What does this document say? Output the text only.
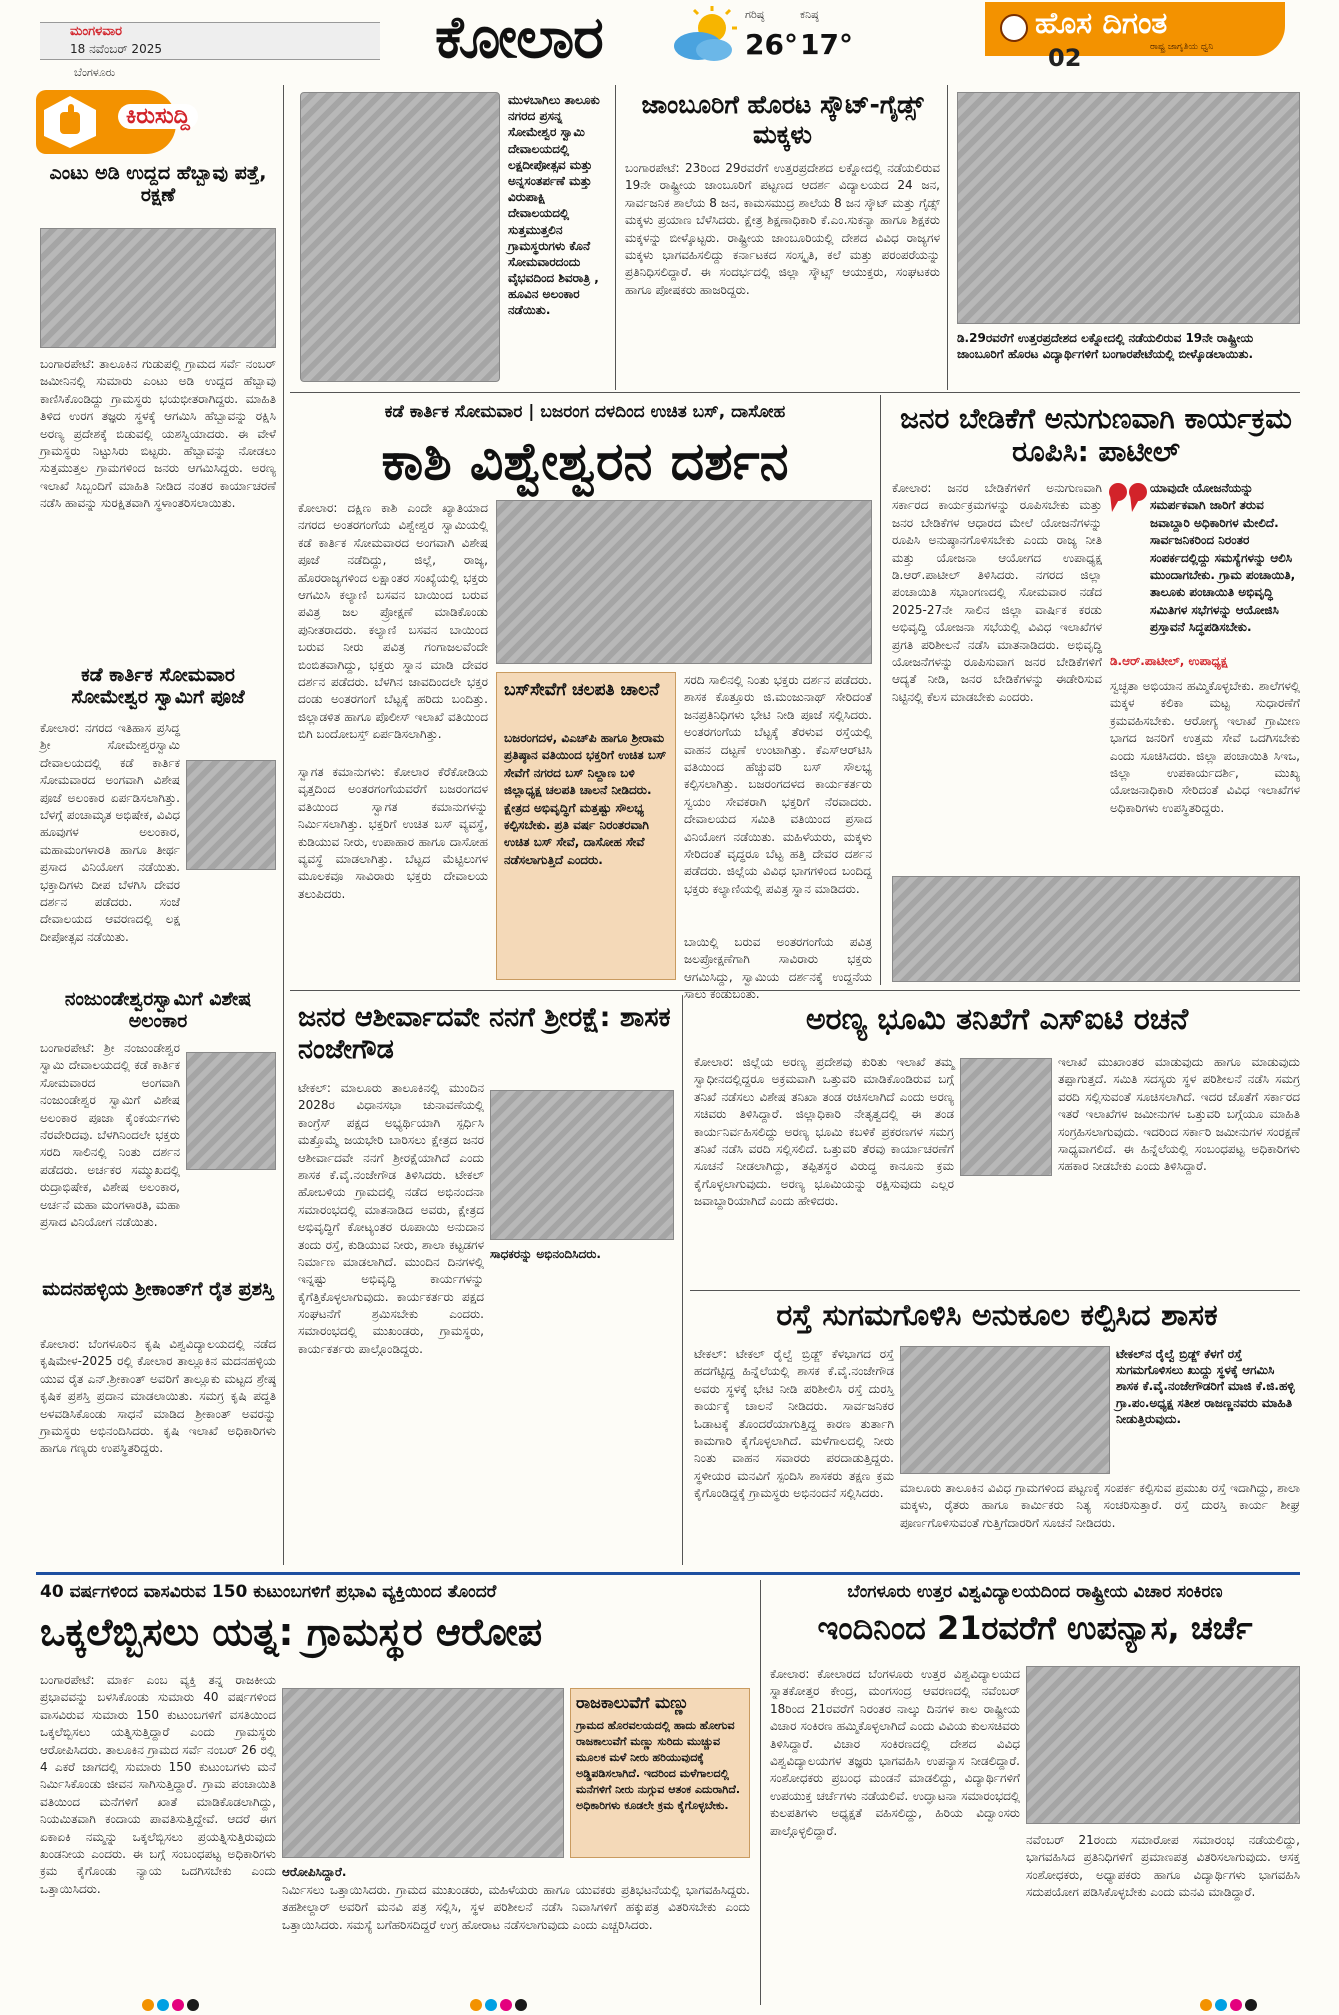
ಮಂಗಳವಾರ
18 ನವೆಂಬರ್ 2025
ಬೆಂಗಳೂರು
ಕೋಲಾರ	ಗರಿಷ್ಠ
26°
ಕನಿಷ್ಠ
17°
ಹೊಸ ದಿಗಂತ
ರಾಷ್ಟ್ರ ಜಾಗೃತಿಯ ಧ್ವನಿ
02
ಕಿರುಸುದ್ದಿ
ಎಂಟು ಅಡಿ ಉದ್ದದ ಹೆಬ್ಬಾವು ಪತ್ತೆ, ರಕ್ಷಣೆ
ಬಂಗಾರಪೇಟೆ: ತಾಲೂಕಿನ ಗುಡುಪಲ್ಲಿ ಗ್ರಾಮದ ಸರ್ವೆ ನಂಬರ್ ಜಮೀನಿನಲ್ಲಿ ಸುಮಾರು ಎಂಟು ಅಡಿ ಉದ್ದದ ಹೆಬ್ಬಾವು ಕಾಣಿಸಿಕೊಂಡಿದ್ದು ಗ್ರಾಮಸ್ಥರು ಭಯಭೀತರಾಗಿದ್ದರು. ಮಾಹಿತಿ ತಿಳಿದ ಉರಗ ತಜ್ಞರು ಸ್ಥಳಕ್ಕೆ ಆಗಮಿಸಿ ಹೆಬ್ಬಾವನ್ನು ರಕ್ಷಿಸಿ ಅರಣ್ಯ ಪ್ರದೇಶಕ್ಕೆ ಬಿಡುವಲ್ಲಿ ಯಶಸ್ವಿಯಾದರು. ಈ ವೇಳೆ ಗ್ರಾಮಸ್ಥರು ನಿಟ್ಟುಸಿರು ಬಿಟ್ಟರು. ಹೆಬ್ಬಾವನ್ನು ನೋಡಲು ಸುತ್ತಮುತ್ತಲ ಗ್ರಾಮಗಳಿಂದ ಜನರು ಆಗಮಿಸಿದ್ದರು. ಅರಣ್ಯ ಇಲಾಖೆ ಸಿಬ್ಬಂದಿಗೆ ಮಾಹಿತಿ ನೀಡಿದ ನಂತರ ಕಾರ್ಯಾಚರಣೆ ನಡೆಸಿ ಹಾವನ್ನು ಸುರಕ್ಷಿತವಾಗಿ ಸ್ಥಳಾಂತರಿಸಲಾಯಿತು.
ಕಡೆ ಕಾರ್ತಿಕ ಸೋಮವಾರ ಸೋಮೇಶ್ವರ ಸ್ವಾಮಿಗೆ ಪೂಜೆ
ಕೋಲಾರ: ನಗರದ ಇತಿಹಾಸ ಪ್ರಸಿದ್ಧ ಶ್ರೀ ಸೋಮೇಶ್ವರಸ್ವಾಮಿ ದೇವಾಲಯದಲ್ಲಿ ಕಡೆ ಕಾರ್ತಿಕ ಸೋಮವಾರದ ಅಂಗವಾಗಿ ವಿಶೇಷ ಪೂಜೆ ಅಲಂಕಾರ ಏರ್ಪಡಿಸಲಾಗಿತ್ತು. ಬೆಳಗ್ಗೆ ಪಂಚಾಮೃತ ಅಭಿಷೇಕ, ವಿವಿಧ ಹೂವುಗಳ ಅಲಂಕಾರ, ಮಹಾಮಂಗಳಾರತಿ ಹಾಗೂ ತೀರ್ಥ ಪ್ರಸಾದ ವಿನಿಯೋಗ ನಡೆಯಿತು. ಭಕ್ತಾದಿಗಳು ದೀಪ ಬೆಳಗಿಸಿ ದೇವರ ದರ್ಶನ ಪಡೆದರು. ಸಂಜೆ ದೇವಾಲಯದ ಆವರಣದಲ್ಲಿ ಲಕ್ಷ ದೀಪೋತ್ಸವ ನಡೆಯಿತು.
ನಂಜುಂಡೇಶ್ವರಸ್ವಾಮಿಗೆ ವಿಶೇಷ ಅಲಂಕಾರ
ಬಂಗಾರಪೇಟೆ: ಶ್ರೀ ನಂಜುಂಡೇಶ್ವರ ಸ್ವಾಮಿ ದೇವಾಲಯದಲ್ಲಿ ಕಡೆ ಕಾರ್ತಿಕ ಸೋಮವಾರದ ಅಂಗವಾಗಿ ನಂಜುಂಡೇಶ್ವರ ಸ್ವಾಮಿಗೆ ವಿಶೇಷ ಅಲಂಕಾರ ಪೂಜಾ ಕೈಂಕರ್ಯಗಳು ನೆರವೇರಿದವು. ಬೆಳಗಿನಿಂದಲೇ ಭಕ್ತರು ಸರದಿ ಸಾಲಿನಲ್ಲಿ ನಿಂತು ದರ್ಶನ ಪಡೆದರು. ಅರ್ಚಕರ ಸಮ್ಮುಖದಲ್ಲಿ ರುದ್ರಾಭಿಷೇಕ, ವಿಶೇಷ ಅಲಂಕಾರ, ಅರ್ಚನೆ ಮಹಾ ಮಂಗಳಾರತಿ, ಮಹಾ ಪ್ರಸಾದ ವಿನಿಯೋಗ ನಡೆಯಿತು.
ಮದನಹಳ್ಳಿಯ ಶ್ರೀಕಾಂತ್‌ಗೆ ರೈತ ಪ್ರಶಸ್ತಿ
ಕೋಲಾರ: ಬೆಂಗಳೂರಿನ ಕೃಷಿ ವಿಶ್ವವಿದ್ಯಾಲಯದಲ್ಲಿ ನಡೆದ ಕೃಷಿಮೇಳ-2025 ರಲ್ಲಿ ಕೋಲಾರ ತಾಲ್ಲೂಕಿನ ಮದನಹಳ್ಳಿಯ ಯುವ ರೈತ ಎನ್.ಶ್ರೀಕಾಂತ್ ಅವರಿಗೆ ತಾಲ್ಲೂಕು ಮಟ್ಟದ ಶ್ರೇಷ್ಠ ಕೃಷಿಕ ಪ್ರಶಸ್ತಿ ಪ್ರದಾನ ಮಾಡಲಾಯಿತು. ಸಮಗ್ರ ಕೃಷಿ ಪದ್ಧತಿ ಅಳವಡಿಸಿಕೊಂಡು ಸಾಧನೆ ಮಾಡಿದ ಶ್ರೀಕಾಂತ್ ಅವರನ್ನು ಗ್ರಾಮಸ್ಥರು ಅಭಿನಂದಿಸಿದರು. ಕೃಷಿ ಇಲಾಖೆ ಅಧಿಕಾರಿಗಳು ಹಾಗೂ ಗಣ್ಯರು ಉಪಸ್ಥಿತರಿದ್ದರು.
ಮುಳಬಾಗಿಲು ತಾಲೂಕು ನಗರದ ಪ್ರಸನ್ನ ಸೋಮೇಶ್ವರ ಸ್ವಾಮಿ ದೇವಾಲಯದಲ್ಲಿ ಲಕ್ಷದೀಪೋತ್ಸವ ಮತ್ತು ಅನ್ನಸಂತರ್ಪಣೆ ಮತ್ತು ವಿರುಪಾಕ್ಷಿ ದೇವಾಲಯದಲ್ಲಿ ಸುತ್ತಮುತ್ತಲಿನ ಗ್ರಾಮಸ್ಥರುಗಳು ಕೊನೆ ಸೋಮವಾರದಂದು ವೈಭವದಿಂದ ಶಿವರಾತ್ರಿ , ಹೂವಿನ ಅಲಂಕಾರ ನಡೆಯಿತು.
ಜಾಂಬೂರಿಗೆ ಹೊರಟ ಸ್ಕೌಟ್-ಗೈಡ್ಸ್ ಮಕ್ಕಳು
ಬಂಗಾರಪೇಟೆ: 23ರಿಂದ 29ರವರೆಗೆ ಉತ್ತರಪ್ರದೇಶದ ಲಕ್ನೋದಲ್ಲಿ ನಡೆಯಲಿರುವ 19ನೇ ರಾಷ್ಟ್ರೀಯ ಜಾಂಬೂರಿಗೆ ಪಟ್ಟಣದ ಆದರ್ಶ ವಿದ್ಯಾಲಯದ 24 ಜನ, ಸಾರ್ವಜನಿಕ ಶಾಲೆಯ 8 ಜನ, ಕಾಮಸಮುದ್ರ ಶಾಲೆಯ 8 ಜನ ಸ್ಕೌಟ್ ಮತ್ತು ಗೈಡ್ಸ್ ಮಕ್ಕಳು ಪ್ರಯಾಣ ಬೆಳೆಸಿದರು. ಕ್ಷೇತ್ರ ಶಿಕ್ಷಣಾಧಿಕಾರಿ ಕೆ.ಎಂ.ಸುಕನ್ಯಾ ಹಾಗೂ ಶಿಕ್ಷಕರು ಮಕ್ಕಳನ್ನು ಬೀಳ್ಕೊಟ್ಟರು. ರಾಷ್ಟ್ರೀಯ ಜಾಂಬೂರಿಯಲ್ಲಿ ದೇಶದ ವಿವಿಧ ರಾಜ್ಯಗಳ ಮಕ್ಕಳು ಭಾಗವಹಿಸಲಿದ್ದು ಕರ್ನಾಟಕದ ಸಂಸ್ಕೃತಿ, ಕಲೆ ಮತ್ತು ಪರಂಪರೆಯನ್ನು ಪ್ರತಿನಿಧಿಸಲಿದ್ದಾರೆ. ಈ ಸಂದರ್ಭದಲ್ಲಿ ಜಿಲ್ಲಾ ಸ್ಕೌಟ್ಸ್ ಆಯುಕ್ತರು, ಸಂಘಟಕರು ಹಾಗೂ ಪೋಷಕರು ಹಾಜರಿದ್ದರು.
ಡಿ.29ರವರೆಗೆ ಉತ್ತರಪ್ರದೇಶದ ಲಕ್ನೋದಲ್ಲಿ ನಡೆಯಲಿರುವ 19ನೇ ರಾಷ್ಟ್ರೀಯ ಜಾಂಬೂರಿಗೆ ಹೊರಟ ವಿದ್ಯಾರ್ಥಿಗಳಿಗೆ ಬಂಗಾರಪೇಟೆಯಲ್ಲಿ ಬೀಳ್ಕೊಡಲಾಯಿತು.
ಕಡೆ ಕಾರ್ತಿಕ ಸೋಮವಾರ | ಬಜರಂಗ ದಳದಿಂದ ಉಚಿತ ಬಸ್, ದಾಸೋಹ
ಕಾಶಿ ವಿಶ್ವೇಶ್ವರನ ದರ್ಶನ
ಕೋಲಾರ: ದಕ್ಷಿಣ ಕಾಶಿ ಎಂದೇ ಖ್ಯಾತಿಯಾದ ನಗರದ ಅಂತರಗಂಗೆಯ ವಿಶ್ವೇಶ್ವರ ಸ್ವಾಮಿಯಲ್ಲಿ ಕಡೆ ಕಾರ್ತಿಕ ಸೋಮವಾರದ ಅಂಗವಾಗಿ ವಿಶೇಷ ಪೂಜೆ ನಡೆದಿದ್ದು, ಜಿಲ್ಲೆ, ರಾಜ್ಯ, ಹೊರರಾಜ್ಯಗಳಿಂದ ಲಕ್ಷಾಂತರ ಸಂಖ್ಯೆಯಲ್ಲಿ ಭಕ್ತರು ಆಗಮಿಸಿ ಕಲ್ಯಾಣಿ ಬಸವನ ಬಾಯಿಂದ ಬರುವ ಪವಿತ್ರ ಜಲ ಪ್ರೋಕ್ಷಣೆ ಮಾಡಿಕೊಂಡು ಪುನೀತರಾದರು. ಕಲ್ಯಾಣಿ ಬಸವನ ಬಾಯಿಂದ ಬರುವ ನೀರು ಪವಿತ್ರ ಗಂಗಾಜಲವೆಂದೇ ಬಿಂಬಿತವಾಗಿದ್ದು, ಭಕ್ತರು ಸ್ನಾನ ಮಾಡಿ ದೇವರ ದರ್ಶನ ಪಡೆದರು. ಬೆಳಗಿನ ಜಾವದಿಂದಲೇ ಭಕ್ತರ ದಂಡು ಅಂತರಗಂಗೆ ಬೆಟ್ಟಕ್ಕೆ ಹರಿದು ಬಂದಿತ್ತು. ಜಿಲ್ಲಾಡಳಿತ ಹಾಗೂ ಪೊಲೀಸ್ ಇಲಾಖೆ ವತಿಯಿಂದ ಬಿಗಿ ಬಂದೋಬಸ್ತ್ ಏರ್ಪಡಿಸಲಾಗಿತ್ತು.
ಸ್ವಾಗತ ಕಮಾನುಗಳು: ಕೋಲಾರ ಕೆರೆಕೋಡಿಯ ವೃತ್ತದಿಂದ ಅಂತರಗಂಗೆಯವರೆಗೆ ಬಜರಂಗದಳ ವತಿಯಿಂದ ಸ್ವಾಗತ ಕಮಾನುಗಳನ್ನು ನಿರ್ಮಿಸಲಾಗಿತ್ತು. ಭಕ್ತರಿಗೆ ಉಚಿತ ಬಸ್ ವ್ಯವಸ್ಥೆ, ಕುಡಿಯುವ ನೀರು, ಉಪಾಹಾರ ಹಾಗೂ ದಾಸೋಹ ವ್ಯವಸ್ಥೆ ಮಾಡಲಾಗಿತ್ತು. ಬೆಟ್ಟದ ಮೆಟ್ಟಿಲುಗಳ ಮೂಲಕವೂ ಸಾವಿರಾರು ಭಕ್ತರು ದೇವಾಲಯ ತಲುಪಿದರು.
ಬಸ್‌ಸೇವೆಗೆ ಚಲಪತಿ ಚಾಲನೆ
ಬಜರಂಗದಳ, ವಿಎಚ್‌ಪಿ ಹಾಗೂ ಶ್ರೀರಾಮ ಪ್ರತಿಷ್ಠಾನ ವತಿಯಿಂದ ಭಕ್ತರಿಗೆ ಉಚಿತ ಬಸ್ ಸೇವೆಗೆ ನಗರದ ಬಸ್ ನಿಲ್ದಾಣ ಬಳಿ ಜಿಲ್ಲಾಧ್ಯಕ್ಷ ಚಲಪತಿ ಚಾಲನೆ ನೀಡಿದರು. ಕ್ಷೇತ್ರದ ಅಭಿವೃದ್ಧಿಗೆ ಮತ್ತಷ್ಟು ಸೌಲಭ್ಯ ಕಲ್ಪಿಸಬೇಕು. ಪ್ರತಿ ವರ್ಷ ನಿರಂತರವಾಗಿ ಉಚಿತ ಬಸ್ ಸೇವೆ, ದಾಸೋಹ ಸೇವೆ ನಡೆಸಲಾಗುತ್ತಿದೆ ಎಂದರು.
ಸರದಿ ಸಾಲಿನಲ್ಲಿ ನಿಂತು ಭಕ್ತರು ದರ್ಶನ ಪಡೆದರು. ಶಾಸಕ ಕೊತ್ತೂರು ಜಿ.ಮಂಜುನಾಥ್ ಸೇರಿದಂತೆ ಜನಪ್ರತಿನಿಧಿಗಳು ಭೇಟಿ ನೀಡಿ ಪೂಜೆ ಸಲ್ಲಿಸಿದರು. ಅಂತರಗಂಗೆಯ ಬೆಟ್ಟಕ್ಕೆ ತೆರಳುವ ರಸ್ತೆಯಲ್ಲಿ ವಾಹನ ದಟ್ಟಣೆ ಉಂಟಾಗಿತ್ತು. ಕೆಎಸ್‌ಆರ್‌ಟಿಸಿ ವತಿಯಿಂದ ಹೆಚ್ಚುವರಿ ಬಸ್ ಸೌಲಭ್ಯ ಕಲ್ಪಿಸಲಾಗಿತ್ತು. ಬಜರಂಗದಳದ ಕಾರ್ಯಕರ್ತರು ಸ್ವಯಂ ಸೇವಕರಾಗಿ ಭಕ್ತರಿಗೆ ನೆರವಾದರು. ದೇವಾಲಯದ ಸಮಿತಿ ವತಿಯಿಂದ ಪ್ರಸಾದ ವಿನಿಯೋಗ ನಡೆಯಿತು. ಮಹಿಳೆಯರು, ಮಕ್ಕಳು ಸೇರಿದಂತೆ ವೃದ್ಧರೂ ಬೆಟ್ಟ ಹತ್ತಿ ದೇವರ ದರ್ಶನ ಪಡೆದರು. ಜಿಲ್ಲೆಯ ವಿವಿಧ ಭಾಗಗಳಿಂದ ಬಂದಿದ್ದ ಭಕ್ತರು ಕಲ್ಯಾಣಿಯಲ್ಲಿ ಪವಿತ್ರ ಸ್ನಾನ ಮಾಡಿದರು.
ಬಾಯಿಲ್ಲಿ ಬರುವ ಅಂತರಗಂಗೆಯ ಪವಿತ್ರ ಜಲಪ್ರೋಕ್ಷಣೆಗಾಗಿ ಸಾವಿರಾರು ಭಕ್ತರು ಆಗಮಿಸಿದ್ದು, ಸ್ವಾಮಿಯ ದರ್ಶನಕ್ಕೆ ಉದ್ದನೆಯ ಸಾಲು ಕಂಡುಬಂತು.
ಜನರ ಬೇಡಿಕೆಗೆ ಅನುಗುಣವಾಗಿ ಕಾರ್ಯಕ್ರಮ ರೂಪಿಸಿ: ಪಾಟೀಲ್
ಕೋಲಾರ: ಜನರ ಬೇಡಿಕೆಗಳಿಗೆ ಅನುಗುಣವಾಗಿ ಸರ್ಕಾರದ ಕಾರ್ಯಕ್ರಮಗಳನ್ನು ರೂಪಿಸಬೇಕು ಮತ್ತು ಜನರ ಬೇಡಿಕೆಗಳ ಆಧಾರದ ಮೇಲೆ ಯೋಜನೆಗಳನ್ನು ರೂಪಿಸಿ ಅನುಷ್ಠಾನಗೊಳಿಸಬೇಕು ಎಂದು ರಾಜ್ಯ ನೀತಿ ಮತ್ತು ಯೋಜನಾ ಆಯೋಗದ ಉಪಾಧ್ಯಕ್ಷ ಡಿ.ಆರ್.ಪಾಟೀಲ್ ತಿಳಿಸಿದರು. ನಗರದ ಜಿಲ್ಲಾ ಪಂಚಾಯಿತಿ ಸಭಾಂಗಣದಲ್ಲಿ ಸೋಮವಾರ ನಡೆದ 2025-27ನೇ ಸಾಲಿನ ಜಿಲ್ಲಾ ವಾರ್ಷಿಕ ಕರಡು ಅಭಿವೃದ್ಧಿ ಯೋಜನಾ ಸಭೆಯಲ್ಲಿ ವಿವಿಧ ಇಲಾಖೆಗಳ ಪ್ರಗತಿ ಪರಿಶೀಲನೆ ನಡೆಸಿ ಮಾತನಾಡಿದರು. ಅಭಿವೃದ್ಧಿ ಯೋಜನೆಗಳನ್ನು ರೂಪಿಸುವಾಗ ಜನರ ಬೇಡಿಕೆಗಳಿಗೆ ಆದ್ಯತೆ ನೀಡಿ, ಜನರ ಬೇಡಿಕೆಗಳನ್ನು ಈಡೇರಿಸುವ ನಿಟ್ಟಿನಲ್ಲಿ ಕೆಲಸ ಮಾಡಬೇಕು ಎಂದರು.
ಯಾವುದೇ ಯೋಜನೆಯನ್ನು ಸಮರ್ಪಕವಾಗಿ ಜಾರಿಗೆ ತರುವ ಜವಾಬ್ದಾರಿ ಅಧಿಕಾರಿಗಳ ಮೇಲಿದೆ. ಸಾರ್ವಜನಿಕರಿಂದ ನಿರಂತರ ಸಂಪರ್ಕದಲ್ಲಿದ್ದು ಸಮಸ್ಯೆಗಳನ್ನು ಆಲಿಸಿ ಮುಂದಾಗಬೇಕು. ಗ್ರಾಮ ಪಂಚಾಯಿತಿ, ತಾಲೂಕು ಪಂಚಾಯಿತಿ ಅಭಿವೃದ್ಧಿ ಸಮಿತಿಗಳ ಸಭೆಗಳನ್ನು ಆಯೋಜಿಸಿ ಪ್ರಸ್ತಾವನೆ ಸಿದ್ಧಪಡಿಸಬೇಕು.
ಡಿ.ಆರ್.ಪಾಟೀಲ್, ಉಪಾಧ್ಯಕ್ಷ
ಸ್ವಚ್ಛತಾ ಅಭಿಯಾನ ಹಮ್ಮಿಕೊಳ್ಳಬೇಕು. ಶಾಲೆಗಳಲ್ಲಿ ಮಕ್ಕಳ ಕಲಿಕಾ ಮಟ್ಟ ಸುಧಾರಣೆಗೆ ಕ್ರಮವಹಿಸಬೇಕು. ಆರೋಗ್ಯ ಇಲಾಖೆ ಗ್ರಾಮೀಣ ಭಾಗದ ಜನರಿಗೆ ಉತ್ತಮ ಸೇವೆ ಒದಗಿಸಬೇಕು ಎಂದು ಸೂಚಿಸಿದರು. ಜಿಲ್ಲಾ ಪಂಚಾಯಿತಿ ಸಿಇಒ, ಜಿಲ್ಲಾ ಉಪಕಾರ್ಯದರ್ಶಿ, ಮುಖ್ಯ ಯೋಜನಾಧಿಕಾರಿ ಸೇರಿದಂತೆ ವಿವಿಧ ಇಲಾಖೆಗಳ ಅಧಿಕಾರಿಗಳು ಉಪಸ್ಥಿತರಿದ್ದರು.
ಜನರ ಆಶೀರ್ವಾದವೇ ನನಗೆ ಶ್ರೀರಕ್ಷೆ: ಶಾಸಕ ನಂಜೇಗೌಡ
ಟೇಕಲ್: ಮಾಲೂರು ತಾಲೂಕಿನಲ್ಲಿ ಮುಂದಿನ 2028ರ ವಿಧಾನಸಭಾ ಚುನಾವಣೆಯಲ್ಲಿ ಕಾಂಗ್ರೆಸ್ ಪಕ್ಷದ ಅಭ್ಯರ್ಥಿಯಾಗಿ ಸ್ಪರ್ಧಿಸಿ ಮತ್ತೊಮ್ಮೆ ಜಯಭೇರಿ ಬಾರಿಸಲು ಕ್ಷೇತ್ರದ ಜನರ ಆಶೀರ್ವಾದವೇ ನನಗೆ ಶ್ರೀರಕ್ಷೆಯಾಗಿದೆ ಎಂದು ಶಾಸಕ ಕೆ.ವೈ.ನಂಜೇಗೌಡ ತಿಳಿಸಿದರು. ಟೇಕಲ್ ಹೋಬಳಿಯ ಗ್ರಾಮದಲ್ಲಿ ನಡೆದ ಅಭಿನಂದನಾ ಸಮಾರಂಭದಲ್ಲಿ ಮಾತನಾಡಿದ ಅವರು, ಕ್ಷೇತ್ರದ ಅಭಿವೃದ್ಧಿಗೆ ಕೋಟ್ಯಂತರ ರೂಪಾಯಿ ಅನುದಾನ ತಂದು ರಸ್ತೆ, ಕುಡಿಯುವ ನೀರು, ಶಾಲಾ ಕಟ್ಟಡಗಳ ನಿರ್ಮಾಣ ಮಾಡಲಾಗಿದೆ. ಮುಂದಿನ ದಿನಗಳಲ್ಲಿ ಇನ್ನಷ್ಟು ಅಭಿವೃದ್ಧಿ ಕಾರ್ಯಗಳನ್ನು ಕೈಗೆತ್ತಿಕೊಳ್ಳಲಾಗುವುದು. ಕಾರ್ಯಕರ್ತರು ಪಕ್ಷದ ಸಂಘಟನೆಗೆ ಶ್ರಮಿಸಬೇಕು ಎಂದರು. ಸಮಾರಂಭದಲ್ಲಿ ಮುಖಂಡರು, ಗ್ರಾಮಸ್ಥರು, ಕಾರ್ಯಕರ್ತರು ಪಾಲ್ಗೊಂಡಿದ್ದರು.
ಸಾಧಕರನ್ನು ಅಭಿನಂದಿಸಿದರು.
ಅರಣ್ಯ ಭೂಮಿ ತನಿಖೆಗೆ ಎಸ್‌ಐಟಿ ರಚನೆ
ಕೋಲಾರ: ಜಿಲ್ಲೆಯ ಅರಣ್ಯ ಪ್ರದೇಶವು ಕುರಿತು ಇಲಾಖೆ ತಮ್ಮ ಸ್ವಾಧೀನದಲ್ಲಿದ್ದರೂ ಅಕ್ರಮವಾಗಿ ಒತ್ತುವರಿ ಮಾಡಿಕೊಂಡಿರುವ ಬಗ್ಗೆ ತನಿಖೆ ನಡೆಸಲು ವಿಶೇಷ ತನಿಖಾ ತಂಡ ರಚಿಸಲಾಗಿದೆ ಎಂದು ಅರಣ್ಯ ಸಚಿವರು ತಿಳಿಸಿದ್ದಾರೆ. ಜಿಲ್ಲಾಧಿಕಾರಿ ನೇತೃತ್ವದಲ್ಲಿ ಈ ತಂಡ ಕಾರ್ಯನಿರ್ವಹಿಸಲಿದ್ದು ಅರಣ್ಯ ಭೂಮಿ ಕಬಳಿಕೆ ಪ್ರಕರಣಗಳ ಸಮಗ್ರ ತನಿಖೆ ನಡೆಸಿ ವರದಿ ಸಲ್ಲಿಸಲಿದೆ. ಒತ್ತುವರಿ ತೆರವು ಕಾರ್ಯಾಚರಣೆಗೆ ಸೂಚನೆ ನೀಡಲಾಗಿದ್ದು, ತಪ್ಪಿತಸ್ಥರ ವಿರುದ್ಧ ಕಾನೂನು ಕ್ರಮ ಕೈಗೊಳ್ಳಲಾಗುವುದು. ಅರಣ್ಯ ಭೂಮಿಯನ್ನು ರಕ್ಷಿಸುವುದು ಎಲ್ಲರ ಜವಾಬ್ದಾರಿಯಾಗಿದೆ ಎಂದು ಹೇಳಿದರು.
ಇಲಾಖೆ ಮುಖಾಂತರ ಮಾಡುವುದು ಹಾಗೂ ಮಾಡುವುದು ತಪ್ಪಾಗುತ್ತದೆ. ಸಮಿತಿ ಸದಸ್ಯರು ಸ್ಥಳ ಪರಿಶೀಲನೆ ನಡೆಸಿ ಸಮಗ್ರ ವರದಿ ಸಲ್ಲಿಸುವಂತೆ ಸೂಚಿಸಲಾಗಿದೆ. ಇದರ ಜೊತೆಗೆ ಸರ್ಕಾರದ ಇತರೆ ಇಲಾಖೆಗಳ ಜಮೀನುಗಳ ಒತ್ತುವರಿ ಬಗ್ಗೆಯೂ ಮಾಹಿತಿ ಸಂಗ್ರಹಿಸಲಾಗುವುದು. ಇದರಿಂದ ಸರ್ಕಾರಿ ಜಮೀನುಗಳ ಸಂರಕ್ಷಣೆ ಸಾಧ್ಯವಾಗಲಿದೆ. ಈ ಹಿನ್ನೆಲೆಯಲ್ಲಿ ಸಂಬಂಧಪಟ್ಟ ಅಧಿಕಾರಿಗಳು ಸಹಕಾರ ನೀಡಬೇಕು ಎಂದು ತಿಳಿಸಿದ್ದಾರೆ.
ರಸ್ತೆ ಸುಗಮಗೊಳಿಸಿ ಅನುಕೂಲ ಕಲ್ಪಿಸಿದ ಶಾಸಕ
ಟೇಕಲ್: ಟೇಕಲ್ ರೈಲ್ವೆ ಬ್ರಿಡ್ಜ್ ಕೆಳಭಾಗದ ರಸ್ತೆ ಹದಗೆಟ್ಟಿದ್ದ ಹಿನ್ನೆಲೆಯಲ್ಲಿ ಶಾಸಕ ಕೆ.ವೈ.ನಂಜೇಗೌಡ ಅವರು ಸ್ಥಳಕ್ಕೆ ಭೇಟಿ ನೀಡಿ ಪರಿಶೀಲಿಸಿ ರಸ್ತೆ ದುರಸ್ತಿ ಕಾರ್ಯಕ್ಕೆ ಚಾಲನೆ ನೀಡಿದರು. ಸಾರ್ವಜನಿಕರ ಓಡಾಟಕ್ಕೆ ತೊಂದರೆಯಾಗುತ್ತಿದ್ದ ಕಾರಣ ತುರ್ತಾಗಿ ಕಾಮಗಾರಿ ಕೈಗೊಳ್ಳಲಾಗಿದೆ. ಮಳೆಗಾಲದಲ್ಲಿ ನೀರು ನಿಂತು ವಾಹನ ಸವಾರರು ಪರದಾಡುತ್ತಿದ್ದರು. ಸ್ಥಳೀಯರ ಮನವಿಗೆ ಸ್ಪಂದಿಸಿ ಶಾಸಕರು ತಕ್ಷಣ ಕ್ರಮ ಕೈಗೊಂಡಿದ್ದಕ್ಕೆ ಗ್ರಾಮಸ್ಥರು ಅಭಿನಂದನೆ ಸಲ್ಲಿಸಿದರು.
ಟೇಕಲ್‌ನ ರೈಲ್ವೆ ಬ್ರಿಡ್ಜ್ ಕೆಳಗೆ ರಸ್ತೆ ಸುಗಮಗೊಳಿಸಲು ಖುದ್ದು ಸ್ಥಳಕ್ಕೆ ಆಗಮಿಸಿ ಶಾಸಕ ಕೆ.ವೈ.ನಂಜೇಗೌಡರಿಗೆ ಮಾಜಿ ಕೆ.ಜಿ.ಹಳ್ಳಿ ಗ್ರಾ.ಪಂ.ಅಧ್ಯಕ್ಷ ಸತೀಶ ರಾಜಣ್ಣನವರು ಮಾಹಿತಿ ನೀಡುತ್ತಿರುವುದು.
ಮಾಲೂರು ತಾಲೂಕಿನ ವಿವಿಧ ಗ್ರಾಮಗಳಿಂದ ಪಟ್ಟಣಕ್ಕೆ ಸಂಪರ್ಕ ಕಲ್ಪಿಸುವ ಪ್ರಮುಖ ರಸ್ತೆ ಇದಾಗಿದ್ದು, ಶಾಲಾ ಮಕ್ಕಳು, ರೈತರು ಹಾಗೂ ಕಾರ್ಮಿಕರು ನಿತ್ಯ ಸಂಚರಿಸುತ್ತಾರೆ. ರಸ್ತೆ ದುರಸ್ತಿ ಕಾರ್ಯ ಶೀಘ್ರ ಪೂರ್ಣಗೊಳಿಸುವಂತೆ ಗುತ್ತಿಗೆದಾರರಿಗೆ ಸೂಚನೆ ನೀಡಿದರು.
40 ವರ್ಷಗಳಿಂದ ವಾಸವಿರುವ 150 ಕುಟುಂಬಗಳಿಗೆ ಪ್ರಭಾವಿ ವ್ಯಕ್ತಿಯಿಂದ ತೊಂದರೆ
ಒಕ್ಕಲೆಬ್ಬಿಸಲು ಯತ್ನ: ಗ್ರಾಮಸ್ಥರ ಆರೋಪ
ಬಂಗಾರಪೇಟೆ: ಮಾರ್ಕ ಎಂಬ ವ್ಯಕ್ತಿ ತನ್ನ ರಾಜಕೀಯ ಪ್ರಭಾವವನ್ನು ಬಳಸಿಕೊಂಡು ಸುಮಾರು 40 ವರ್ಷಗಳಿಂದ ವಾಸವಿರುವ ಸುಮಾರು 150 ಕುಟುಂಬಗಳಿಗೆ ವಸತಿಯಿಂದ ಒಕ್ಕಲೆಬ್ಬಿಸಲು ಯತ್ನಿಸುತ್ತಿದ್ದಾರೆ ಎಂದು ಗ್ರಾಮಸ್ಥರು ಆರೋಪಿಸಿದರು. ತಾಲೂಕಿನ ಗ್ರಾಮದ ಸರ್ವೆ ನಂಬರ್ 26 ರಲ್ಲಿ 4 ಎಕರೆ ಜಾಗದಲ್ಲಿ ಸುಮಾರು 150 ಕುಟುಂಬಗಳು ಮನೆ ನಿರ್ಮಿಸಿಕೊಂಡು ಜೀವನ ಸಾಗಿಸುತ್ತಿದ್ದಾರೆ. ಗ್ರಾಮ ಪಂಚಾಯಿತಿ ವತಿಯಿಂದ ಮನೆಗಳಿಗೆ ಖಾತೆ ಮಾಡಿಕೊಡಲಾಗಿದ್ದು, ನಿಯಮಿತವಾಗಿ ಕಂದಾಯ ಪಾವತಿಸುತ್ತಿದ್ದೇವೆ. ಆದರೆ ಈಗ ಏಕಾಏಕಿ ನಮ್ಮನ್ನು ಒಕ್ಕಲೆಬ್ಬಿಸಲು ಪ್ರಯತ್ನಿಸುತ್ತಿರುವುದು ಖಂಡನೀಯ ಎಂದರು. ಈ ಬಗ್ಗೆ ಸಂಬಂಧಪಟ್ಟ ಅಧಿಕಾರಿಗಳು ಕ್ರಮ ಕೈಗೊಂಡು ನ್ಯಾಯ ಒದಗಿಸಬೇಕು ಎಂದು ಒತ್ತಾಯಿಸಿದರು.
ಆರೋಪಿಸಿದ್ದಾರೆ.
ರಾಜಕಾಲುವೆಗೆ ಮಣ್ಣು
ಗ್ರಾಮದ ಹೊರವಲಯದಲ್ಲಿ ಹಾದು ಹೋಗುವ ರಾಜಕಾಲುವೆಗೆ ಮಣ್ಣು ಸುರಿದು ಮುಚ್ಚುವ ಮೂಲಕ ಮಳೆ ನೀರು ಹರಿಯುವುದಕ್ಕೆ ಅಡ್ಡಿಪಡಿಸಲಾಗಿದೆ. ಇದರಿಂದ ಮಳೆಗಾಲದಲ್ಲಿ ಮನೆಗಳಿಗೆ ನೀರು ನುಗ್ಗುವ ಆತಂಕ ಎದುರಾಗಿದೆ. ಅಧಿಕಾರಿಗಳು ಕೂಡಲೇ ಕ್ರಮ ಕೈಗೊಳ್ಳಬೇಕು.
ನಿರ್ಮಿಸಲು ಒತ್ತಾಯಿಸಿದರು. ಗ್ರಾಮದ ಮುಖಂಡರು, ಮಹಿಳೆಯರು ಹಾಗೂ ಯುವಕರು ಪ್ರತಿಭಟನೆಯಲ್ಲಿ ಭಾಗವಹಿಸಿದ್ದರು. ತಹಶೀಲ್ದಾರ್ ಅವರಿಗೆ ಮನವಿ ಪತ್ರ ಸಲ್ಲಿಸಿ, ಸ್ಥಳ ಪರಿಶೀಲನೆ ನಡೆಸಿ ನಿವಾಸಿಗಳಿಗೆ ಹಕ್ಕುಪತ್ರ ವಿತರಿಸಬೇಕು ಎಂದು ಒತ್ತಾಯಿಸಿದರು. ಸಮಸ್ಯೆ ಬಗೆಹರಿಸದಿದ್ದರೆ ಉಗ್ರ ಹೋರಾಟ ನಡೆಸಲಾಗುವುದು ಎಂದು ಎಚ್ಚರಿಸಿದರು.
ಬೆಂಗಳೂರು ಉತ್ತರ ವಿಶ್ವವಿದ್ಯಾಲಯದಿಂದ ರಾಷ್ಟ್ರೀಯ ವಿಚಾರ ಸಂಕಿರಣ
ಇಂದಿನಿಂದ 21ರವರೆಗೆ ಉಪನ್ಯಾಸ, ಚರ್ಚೆ
ಕೋಲಾರ: ಕೋಲಾರದ ಬೆಂಗಳೂರು ಉತ್ತರ ವಿಶ್ವವಿದ್ಯಾಲಯದ ಸ್ನಾತಕೋತ್ತರ ಕೇಂದ್ರ, ಮಂಗಸಂದ್ರ ಆವರಣದಲ್ಲಿ ನವೆಂಬರ್ 18ರಿಂದ 21ರವರೆಗೆ ನಿರಂತರ ನಾಲ್ಕು ದಿನಗಳ ಕಾಲ ರಾಷ್ಟ್ರೀಯ ವಿಚಾರ ಸಂಕಿರಣ ಹಮ್ಮಿಕೊಳ್ಳಲಾಗಿದೆ ಎಂದು ವಿವಿಯ ಕುಲಸಚಿವರು ತಿಳಿಸಿದ್ದಾರೆ. ವಿಚಾರ ಸಂಕಿರಣದಲ್ಲಿ ದೇಶದ ವಿವಿಧ ವಿಶ್ವವಿದ್ಯಾಲಯಗಳ ತಜ್ಞರು ಭಾಗವಹಿಸಿ ಉಪನ್ಯಾಸ ನೀಡಲಿದ್ದಾರೆ. ಸಂಶೋಧಕರು ಪ್ರಬಂಧ ಮಂಡನೆ ಮಾಡಲಿದ್ದು, ವಿದ್ಯಾರ್ಥಿಗಳಿಗೆ ಉಪಯುಕ್ತ ಚರ್ಚೆಗಳು ನಡೆಯಲಿವೆ. ಉದ್ಘಾಟನಾ ಸಮಾರಂಭದಲ್ಲಿ ಕುಲಪತಿಗಳು ಅಧ್ಯಕ್ಷತೆ ವಹಿಸಲಿದ್ದು, ಹಿರಿಯ ವಿದ್ವಾಂಸರು ಪಾಲ್ಗೊಳ್ಳಲಿದ್ದಾರೆ.
ನವೆಂಬರ್ 21ರಂದು ಸಮಾರೋಪ ಸಮಾರಂಭ ನಡೆಯಲಿದ್ದು, ಭಾಗವಹಿಸಿದ ಪ್ರತಿನಿಧಿಗಳಿಗೆ ಪ್ರಮಾಣಪತ್ರ ವಿತರಿಸಲಾಗುವುದು. ಆಸಕ್ತ ಸಂಶೋಧಕರು, ಅಧ್ಯಾಪಕರು ಹಾಗೂ ವಿದ್ಯಾರ್ಥಿಗಳು ಭಾಗವಹಿಸಿ ಸದುಪಯೋಗ ಪಡಿಸಿಕೊಳ್ಳಬೇಕು ಎಂದು ಮನವಿ ಮಾಡಿದ್ದಾರೆ.
